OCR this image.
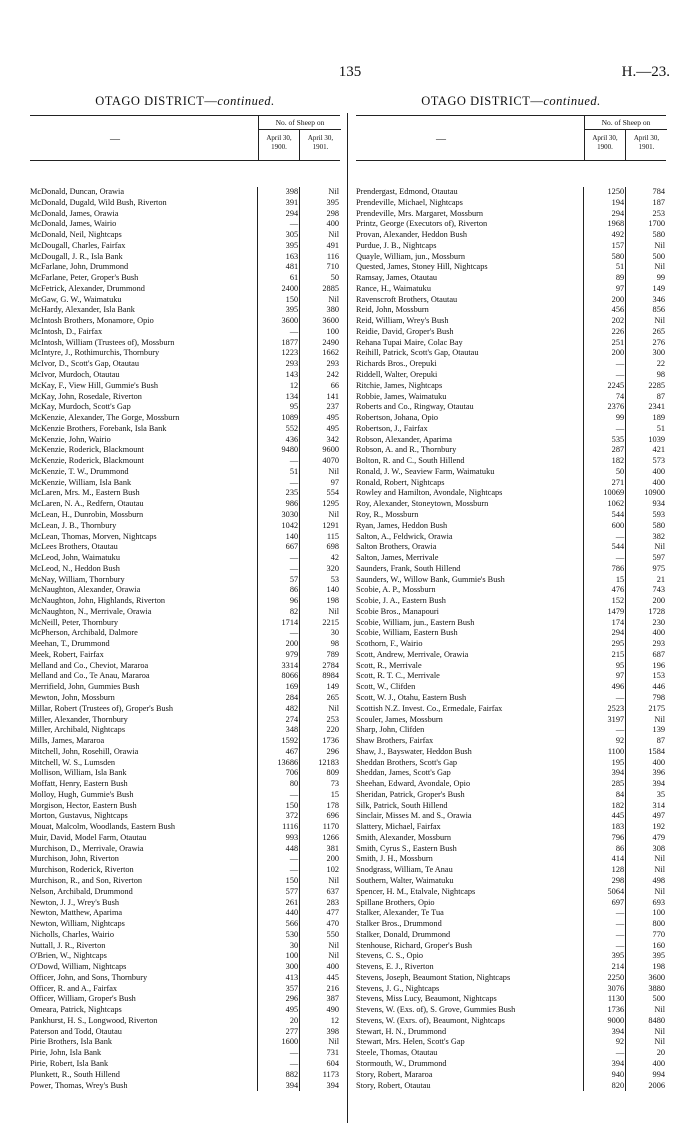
135	H.—23.
OTAGO DISTRICT—continued.
—
No. of Sheep on
April 30, 1900.
April 30, 1901.
McDonald, Duncan, Orawia	398	Nil
McDonald, Dugald, Wild Bush, Riverton	391	395
McDonald, James, Orawia	294	298
McDonald, James, Wairio	—	400
McDonald, Neil, Nightcaps	305	Nil
McDougall, Charles, Fairfax	395	491
McDougall, J. R., Isla Bank	163	116
McFarlane, John, Drummond	481	710
McFarlane, Peter, Groper's Bush	61	50
McFetrick, Alexander, Drummond	2400	2885
McGaw, G. W., Waimatuku	150	Nil
McHardy, Alexander, Isla Bank	395	380
McIntosh Brothers, Monamore, Opio	3600	3600
McIntosh, D., Fairfax	—	100
McIntosh, William (Trustees of), Mossburn	1877	2490
McIntyre, J., Rothimurchis, Thornbury	1223	1662
McIvor, D., Scott's Gap, Otautau	293	293
McIvor, Murdoch, Otautau	143	242
McKay, F., View Hill, Gummie's Bush	12	66
McKay, John, Rosedale, Riverton	134	141
McKay, Murdoch, Scott's Gap	95	237
McKenzie, Alexander, The Gorge, Mossburn	1089	495
McKenzie Brothers, Forebank, Isla Bank	552	495
McKenzie, John, Wairio	436	342
McKenzie, Roderick, Blackmount	9480	9600
McKenzie, Roderick, Blackmount	—	4070
McKenzie, T. W., Drummond	51	Nil
McKenzie, William, Isla Bank	—	97
McLaren, Mrs. M., Eastern Bush	235	554
McLaren, N. A., Redfern, Otautau	986	1295
McLean, H., Dunrobin, Mossburn	3030	Nil
McLean, J. B., Thornbury	1042	1291
McLean, Thomas, Morven, Nightcaps	140	115
McLees Brothers, Otautau	667	698
McLeod, John, Waimatuku	—	42
McLeod, N., Heddon Bush	—	320
McNay, William, Thornbury	57	53
McNaughton, Alexander, Orawia	86	140
McNaughton, John, Highlands, Riverton	96	198
McNaughton, N., Merrivale, Orawia	82	Nil
McNeill, Peter, Thornbury	1714	2215
McPherson, Archibald, Dalmore	—	30
Meehan, T., Drummond	200	98
Meek, Robert, Fairfax	979	789
Melland and Co., Cheviot, Mararoa	3314	2784
Melland and Co., Te Anau, Mararoa	8066	8984
Merrifield, John, Gummies Bush	169	149
Mewton, John, Mossburn	284	265
Millar, Robert (Trustees of), Groper's Bush	482	Nil
Miller, Alexander, Thornbury	274	253
Miller, Archibald, Nightcaps	348	220
Mills, James, Mararoa	1592	1736
Mitchell, John, Rosehill, Orawia	467	296
Mitchell, W. S., Lumsden	13686	12183
Mollison, William, Isla Bank	706	809
Moffatt, Henry, Eastern Bush	80	73
Molloy, Hugh, Gummie's Bush	—	15
Morgison, Hector, Eastern Bush	150	178
Morton, Gustavus, Nightcaps	372	696
Mouat, Malcolm, Woodlands, Eastern Bush	1116	1170
Muir, David, Model Farm, Otautau	993	1266
Murchison, D., Merrivale, Orawia	448	381
Murchison, John, Riverton	—	200
Murchison, Roderick, Riverton	—	102
Murchison, R., and Son, Riverton	150	Nil
Nelson, Archibald, Drummond	577	637
Newton, J. J., Wrey's Bush	261	283
Newton, Matthew, Aparima	440	477
Newton, William, Nightcaps	566	470
Nicholls, Charles, Wairio	530	550
Nuttall, J. R., Riverton	30	Nil
O'Brien, W., Nightcaps	100	Nil
O'Dowd, William, Nightcaps	300	400
Officer, John, and Sons, Thornbury	413	445
Officer, R. and A., Fairfax	357	216
Officer, William, Groper's Bush	296	387
Omeara, Patrick, Nightcaps	495	490
Pankhurst, H. S., Longwood, Riverton	20	12
Paterson and Todd, Otautau	277	398
Pirie Brothers, Isla Bank	1600	Nil
Pirie, John, Isla Bank	—	731
Pirie, Robert, Isla Bank	—	604
Plunkett, R., South Hillend	882	1173
Power, Thomas, Wrey's Bush	394	394
OTAGO DISTRICT—continued.
—
No. of Sheep on
April 30, 1900.
April 30, 1901.
Prendergast, Edmond, Otautau	1250	784
Prendeville, Michael, Nightcaps	194	187
Prendeville, Mrs. Margaret, Mossburn	294	253
Printz, George (Executors of), Riverton	1968	1700
Provan, Alexander, Heddon Bush	492	580
Purdue, J. B., Nightcaps	157	Nil
Quayle, William, jun., Mossburn	580	500
Quested, James, Stoney Hill, Nightcaps	51	Nil
Ramsay, James, Otautau	89	99
Rance, H., Waimatuku	97	149
Ravenscroft Brothers, Otautau	200	346
Reid, John, Mossburn	456	856
Reid, William, Wrey's Bush	202	Nil
Reidie, David, Groper's Bush	226	265
Rehana Tupai Maire, Colac Bay	251	276
Reihill, Patrick, Scott's Gap, Otautau	200	300
Richards Bros., Orepuki	—	22
Riddell, Walter, Orepuki	—	98
Ritchie, James, Nightcaps	2245	2285
Robbie, James, Waimatuku	74	87
Roberts and Co., Ringway, Otautau	2376	2341
Robertson, Johana, Opio	99	189
Robertson, J., Fairfax	—	51
Robson, Alexander, Aparima	535	1039
Robson, A. and R., Thornbury	287	421
Bolton, R. and C., South Hillend	182	573
Ronald, J. W., Seaview Farm, Waimatuku	50	400
Ronald, Robert, Nightcaps	271	400
Rowley and Hamilton, Avondale, Nightcaps	10069	10900
Roy, Alexander, Stoneytown, Mossburn	1062	934
Roy, R., Mossburn	544	593
Ryan, James, Heddon Bush	600	580
Salton, A., Feldwick, Orawia	—	382
Salton Brothers, Orawia	544	Nil
Salton, James, Merrivale	—	597
Saunders, Frank, South Hillend	786	975
Saunders, W., Willow Bank, Gummie's Bush	15	21
Scobie, A. P., Mossburn	476	743
Scobie, J. A., Eastern Bush	152	200
Scobie Bros., Manapouri	1479	1728
Scobie, William, jun., Eastern Bush	174	230
Scobie, William, Eastern Bush	294	400
Scothorn, F., Wairio	295	293
Scott, Andrew, Merrivale, Orawia	215	687
Scott, R., Merrivale	95	196
Scott, R. T. C., Merrivale	97	153
Scott, W., Clifden	496	446
Scott, W. J., Otahu, Eastern Bush	—	798
Scottish N.Z. Invest. Co., Ermedale, Fairfax	2523	2175
Scouler, James, Mossburn	3197	Nil
Sharp, John, Clifden	—	139
Shaw Brothers, Fairfax	92	87
Shaw, J., Bayswater, Heddon Bush	1100	1584
Sheddan Brothers, Scott's Gap	195	400
Sheddan, James, Scott's Gap	394	396
Sheehan, Edward, Avondale, Opio	285	394
Sheridan, Patrick, Groper's Bush	84	35
Silk, Patrick, South Hillend	182	314
Sinclair, Misses M. and S., Orawia	445	497
Slattery, Michael, Fairfax	183	192
Smith, Alexander, Mossburn	796	479
Smith, Cyrus S., Eastern Bush	86	308
Smith, J. H., Mossburn	414	Nil
Snodgrass, William, Te Anau	128	Nil
Southern, Walter, Waimatuku	298	498
Spencer, H. M., Etalvale, Nightcaps	5064	Nil
Spillane Brothers, Opio	697	693
Stalker, Alexander, Te Tua	—	100
Stalker Bros., Drummond	—	800
Stalker, Donald, Drummond	—	770
Stenhouse, Richard, Groper's Bush	—	160
Stevens, C. S., Opio	395	395
Stevens, E. J., Riverton	214	198
Stevens, Joseph, Beaumont Station, Nightcaps	2250	3600
Stevens, J. G., Nightcaps	3076	3880
Stevens, Miss Lucy, Beaumont, Nightcaps	1130	500
Stevens, W. (Exs. of), S. Grove, Gummies Bush	1736	Nil
Stevens, W. (Exrs. of), Beaumont, Nightcaps	9000	8480
Stewart, H. N., Drummond	394	Nil
Stewart, Mrs. Helen, Scott's Gap	92	Nil
Steele, Thomas, Otautau	—	20
Stormouth, W., Drummond	394	400
Story, Robert, Mararoa	940	994
Story, Robert, Otautau	820	2006
